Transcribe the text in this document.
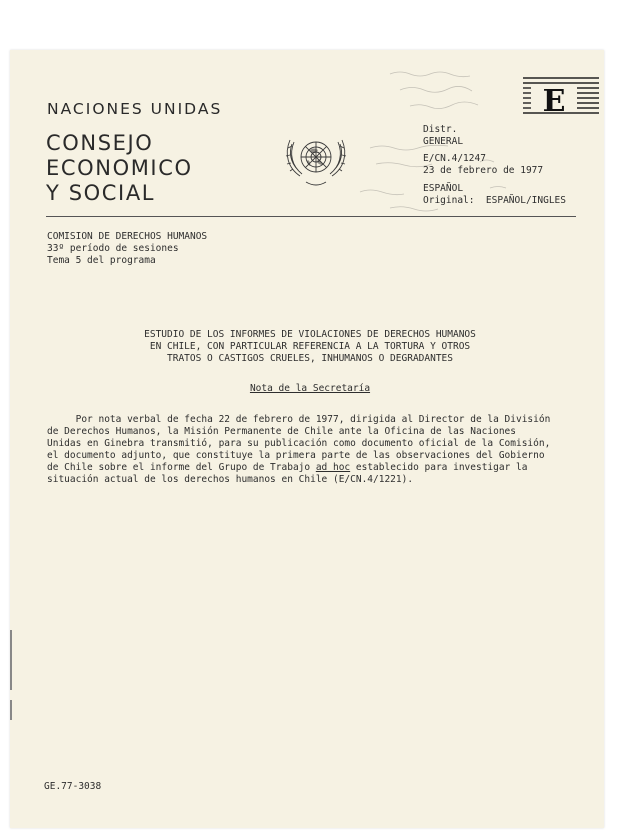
NACIONES UNIDAS
CONSEJO
ECONOMICO
Y SOCIAL
E
Distr.
GENERAL
E/CN.4/1247
23 de febrero de 1977
ESPAÑOL
Original:  ESPAÑOL/INGLES
COMISION DE DERECHOS HUMANOS
33º período de sesiones
Tema 5 del programa
ESTUDIO DE LOS INFORMES DE VIOLACIONES DE DERECHOS HUMANOS
EN CHILE, CON PARTICULAR REFERENCIA A LA TORTURA Y OTROS
TRATOS O CASTIGOS CRUELES, INHUMANOS O DEGRADANTES
Nota de la Secretaría
Por nota verbal de fecha 22 de febrero de 1977, dirigida al Director de la División
de Derechos Humanos, la Misión Permanente de Chile ante la Oficina de las Naciones
Unidas en Ginebra transmitió, para su publicación como documento oficial de la Comisión,
el documento adjunto, que constituye la primera parte de las observaciones del Gobierno
de Chile sobre el informe del Grupo de Trabajo ad hoc establecido para investigar la
situación actual de los derechos humanos en Chile (E/CN.4/1221).
GE.77-3038
